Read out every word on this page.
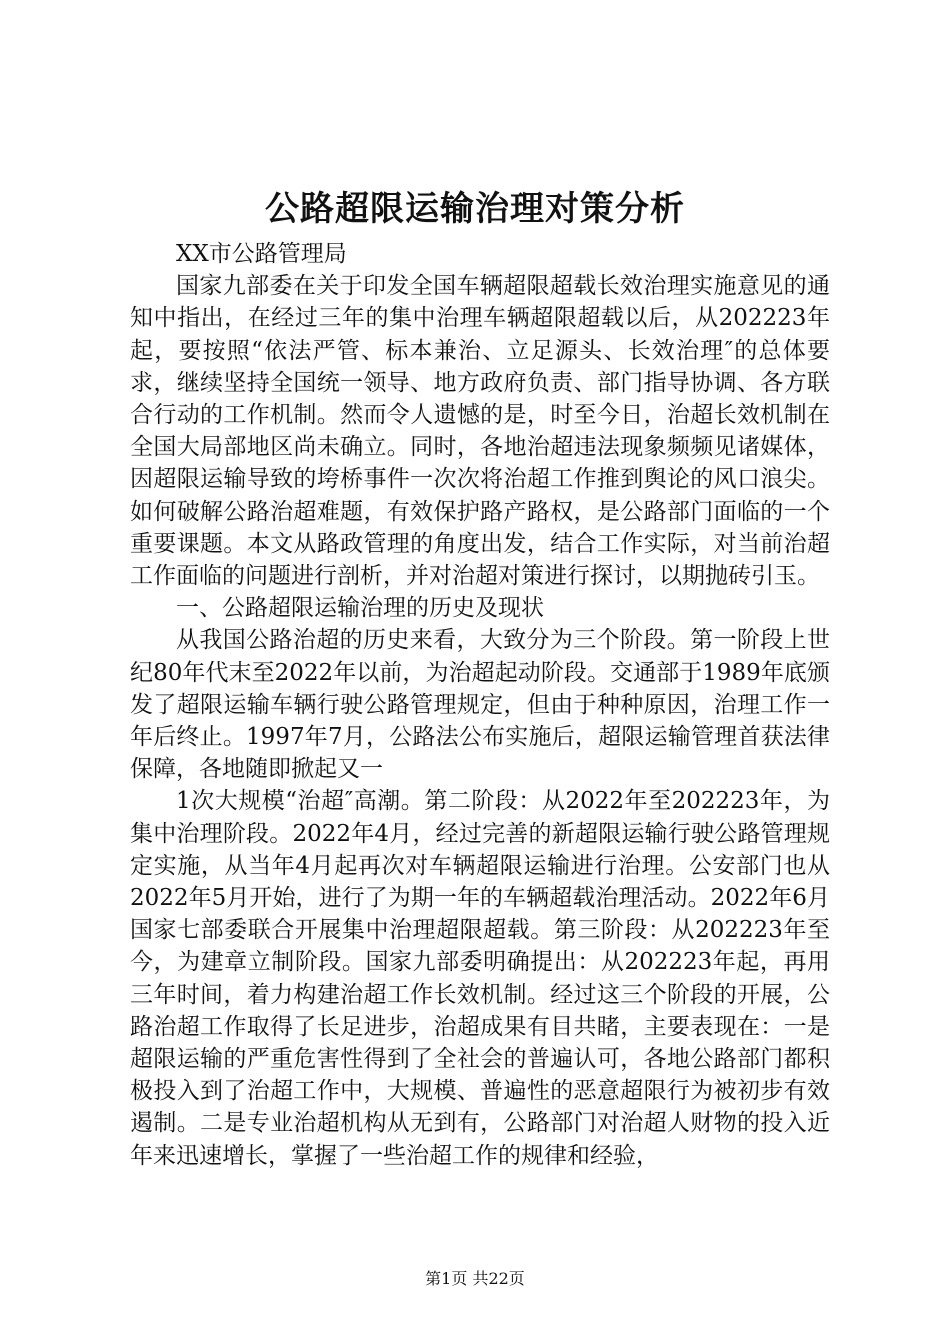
公路超限运输治理对策分析

XX市公路管理局

国家九部委在关于印发全国车辆超限超载长效治理实施意见的通知中指出，在经过三年的集中治理车辆超限超载以后，从202223年起，要按照“依法严管、标本兼治、立足源头、长效治理″的总体要求，继续坚持全国统一领导、地方政府负责、部门指导协调、各方联合行动的工作机制。然而令人遗憾的是，时至今日，治超长效机制在全国大局部地区尚未确立。同时，各地治超违法现象频频见诸媒体，因超限运输导致的垮桥事件一次次将治超工作推到舆论的风口浪尖。如何破解公路治超难题，有效保护路产路权，是公路部门面临的一个重要课题。本文从路政管理的角度出发，结合工作实际，对当前治超工作面临的问题进行剖析，并对治超对策进行探讨，以期抛砖引玉。

一、公路超限运输治理的历史及现状

从我国公路治超的历史来看，大致分为三个阶段。第一阶段上世纪80年代末至2022年以前，为治超起动阶段。交通部于1989年底颁发了超限运输车辆行驶公路管理规定，但由于种种原因，治理工作一年后终止。1997年7月，公路法公布实施后，超限运输管理首获法律保障，各地随即掀起又一

1次大规模“治超″高潮。第二阶段：从2022年至202223年，为集中治理阶段。2022年4月，经过完善的新超限运输行驶公路管理规定实施，从当年4月起再次对车辆超限运输进行治理。公安部门也从2022年5月开始，进行了为期一年的车辆超载治理活动。2022年6月国家七部委联合开展集中治理超限超载。第三阶段：从202223年至今，为建章立制阶段。国家九部委明确提出：从202223年起，再用三年时间，着力构建治超工作长效机制。经过这三个阶段的开展，公路治超工作取得了长足进步，治超成果有目共睹，主要表现在：一是超限运输的严重危害性得到了全社会的普遍认可，各地公路部门都积极投入到了治超工作中，大规模、普遍性的恶意超限行为被初步有效遏制。二是专业治超机构从无到有，公路部门对治超人财物的投入近年来迅速增长，掌握了一些治超工作的规律和经验，

第1页 共22页
